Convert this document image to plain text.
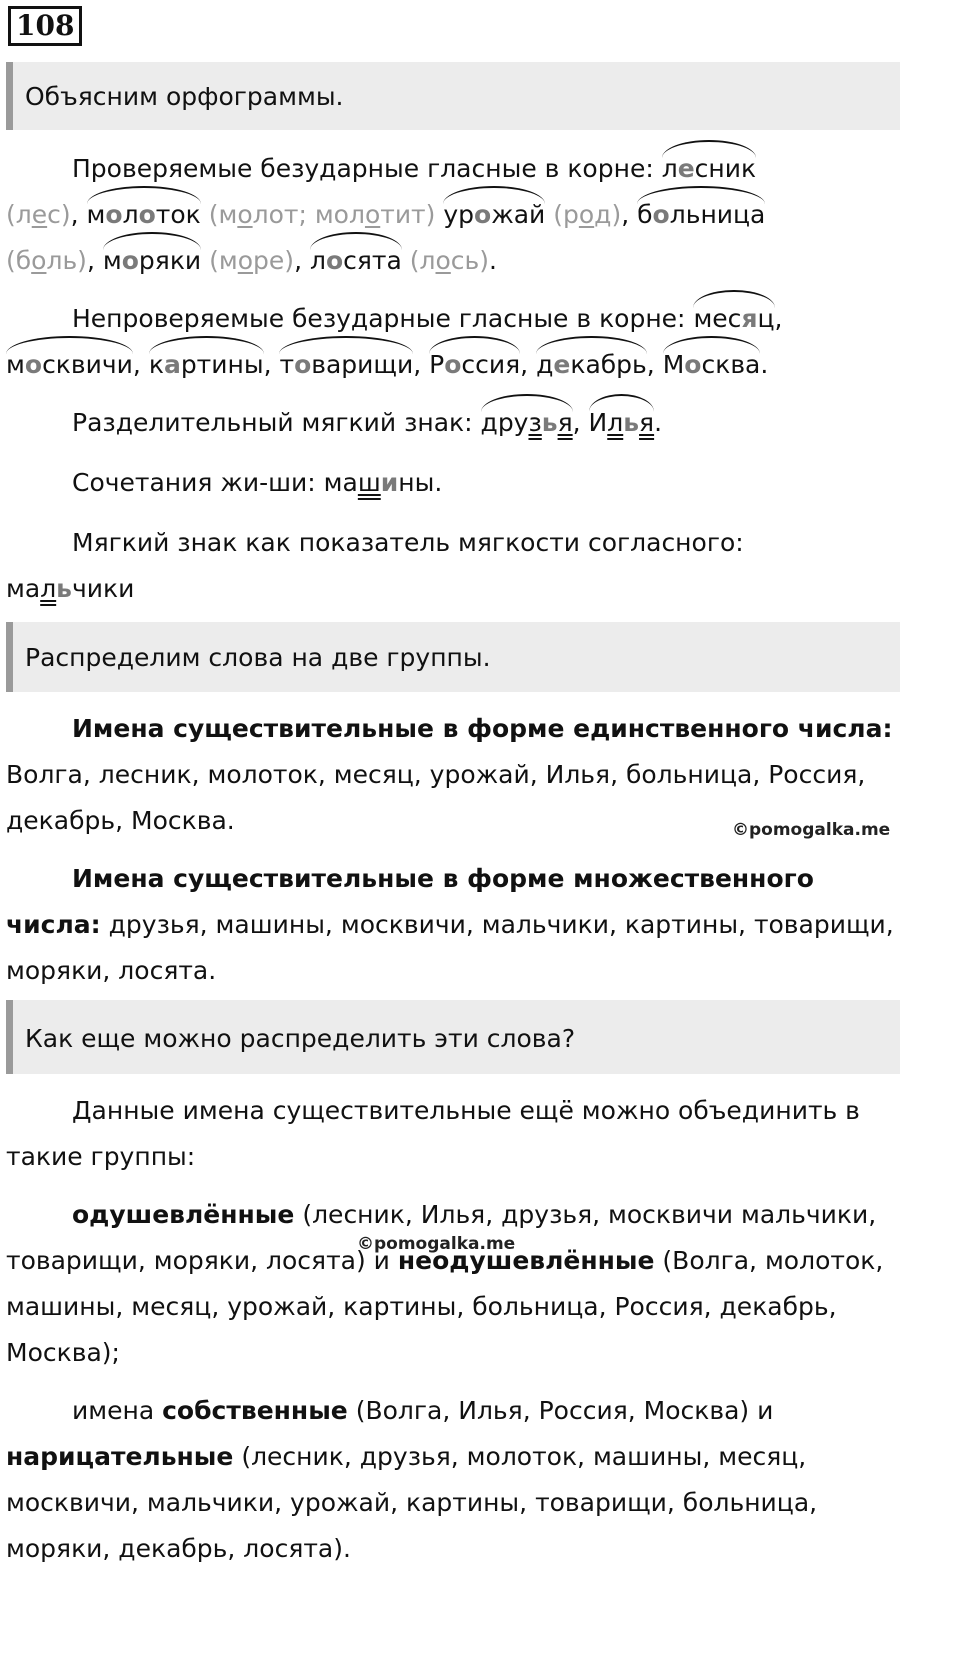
108
Объясним орфограммы.
Проверяемые безударные гласные в корне: лесник
(лес), молоток (молот; молотит) урожай (род), больница
(боль), моряки (море), лосята (лось).
Непроверяемые безударные гласные в корне: месяц,
москвичи, картины, товарищи, Россия, декабрь, Москва.
Разделительный мягкий знак: друзья, Илья.
Сочетания жи-ши: машины.
Мягкий знак как показатель мягкости согласного:
мальчики
Распределим слова на две группы.
Имена существительные в форме единственного числа: Волга, лесник, молоток, месяц, урожай, Илья, больница, Россия, декабрь, Москва.	©pomogalka.me
Имена существительные в форме множественного числа: друзья, машины, москвичи, мальчики, картины, товарищи, моряки, лосята.
Как еще можно распределить эти слова?
Данные имена существительные ещё можно объединить в такие группы:
одушевлённые (лесник, Илья, друзья, москвичи мальчики, товарищи, моряки, лосята) и неодушевлённые (Волга, молоток, машины, месяц, урожай, картины, больница, Россия, декабрь, Москва);
©pomogalka.me
имена собственные (Волга, Илья, Россия, Москва) и нарицательные (лесник, друзья, молоток, машины, месяц, москвичи, мальчики, урожай, картины, товарищи, больница, моряки, декабрь, лосята).
